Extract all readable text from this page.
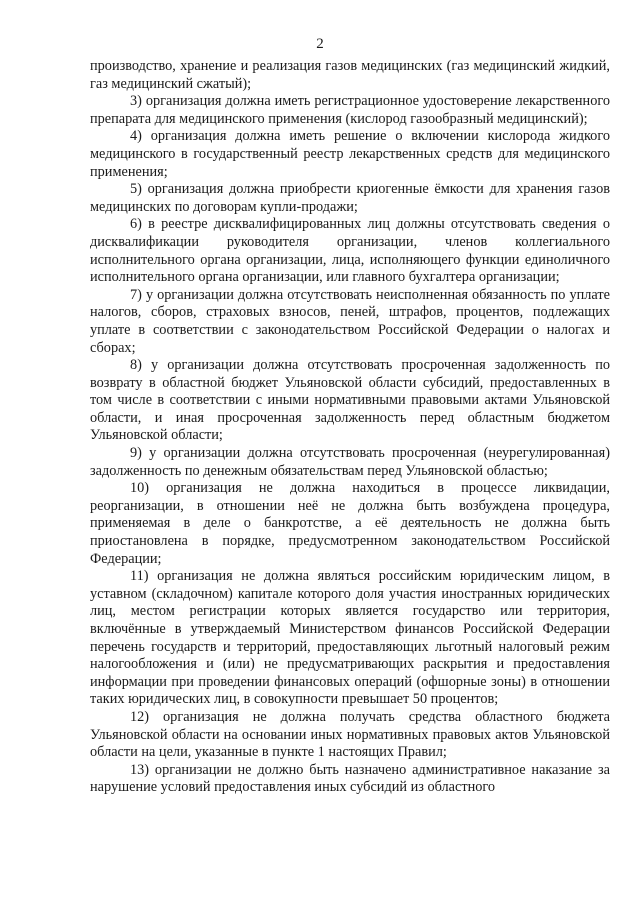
2

производство, хранение и реализация газов медицинских (газ медицинский жидкий, газ медицинский сжатый);

3) организация должна иметь регистрационное удостоверение лекарственного препарата для медицинского применения (кислород газообразный медицинский);

4) организация должна иметь решение о включении кислорода жидкого медицинского в государственный реестр лекарственных средств для медицинского применения;

5) организация должна приобрести криогенные ёмкости для хранения газов медицинских по договорам купли-продажи;

6) в реестре дисквалифицированных лиц должны отсутствовать сведения о дисквалификации руководителя организации, членов коллегиального исполнительного органа организации, лица, исполняющего функции единоличного исполнительного органа организации, или главного бухгалтера организации;

7) у организации должна отсутствовать неисполненная обязанность по уплате налогов, сборов, страховых взносов, пеней, штрафов, процентов, подлежащих уплате в соответствии с законодательством Российской Федерации о налогах и сборах;

8) у организации должна отсутствовать просроченная задолженность по возврату в областной бюджет Ульяновской области субсидий, предоставленных в том числе в соответствии с иными нормативными правовыми актами Ульяновской области, и иная просроченная задолженность перед областным бюджетом Ульяновской области;

9) у организации должна отсутствовать просроченная (неурегулированная) задолженность по денежным обязательствам перед Ульяновской областью;

10) организация не должна находиться в процессе ликвидации, реорганизации, в отношении неё не должна быть возбуждена процедура, применяемая в деле о банкротстве, а её деятельность не должна быть приостановлена в порядке, предусмотренном законодательством Российской Федерации;

11) организация не должна являться российским юридическим лицом, в уставном (складочном) капитале которого доля участия иностранных юридических лиц, местом регистрации которых является государство или территория, включённые в утверждаемый Министерством финансов Российской Федерации перечень государств и территорий, предоставляющих льготный налоговый режим налогообложения и (или) не предусматривающих раскрытия и предоставления информации при проведении финансовых операций (офшорные зоны) в отношении таких юридических лиц, в совокупности превышает 50 процентов;

12) организация не должна получать средства областного бюджета Ульяновской области на основании иных нормативных правовых актов Ульяновской области на цели, указанные в пункте 1 настоящих Правил;

13) организации не должно быть назначено административное наказание за нарушение условий предоставления иных субсидий из областного
